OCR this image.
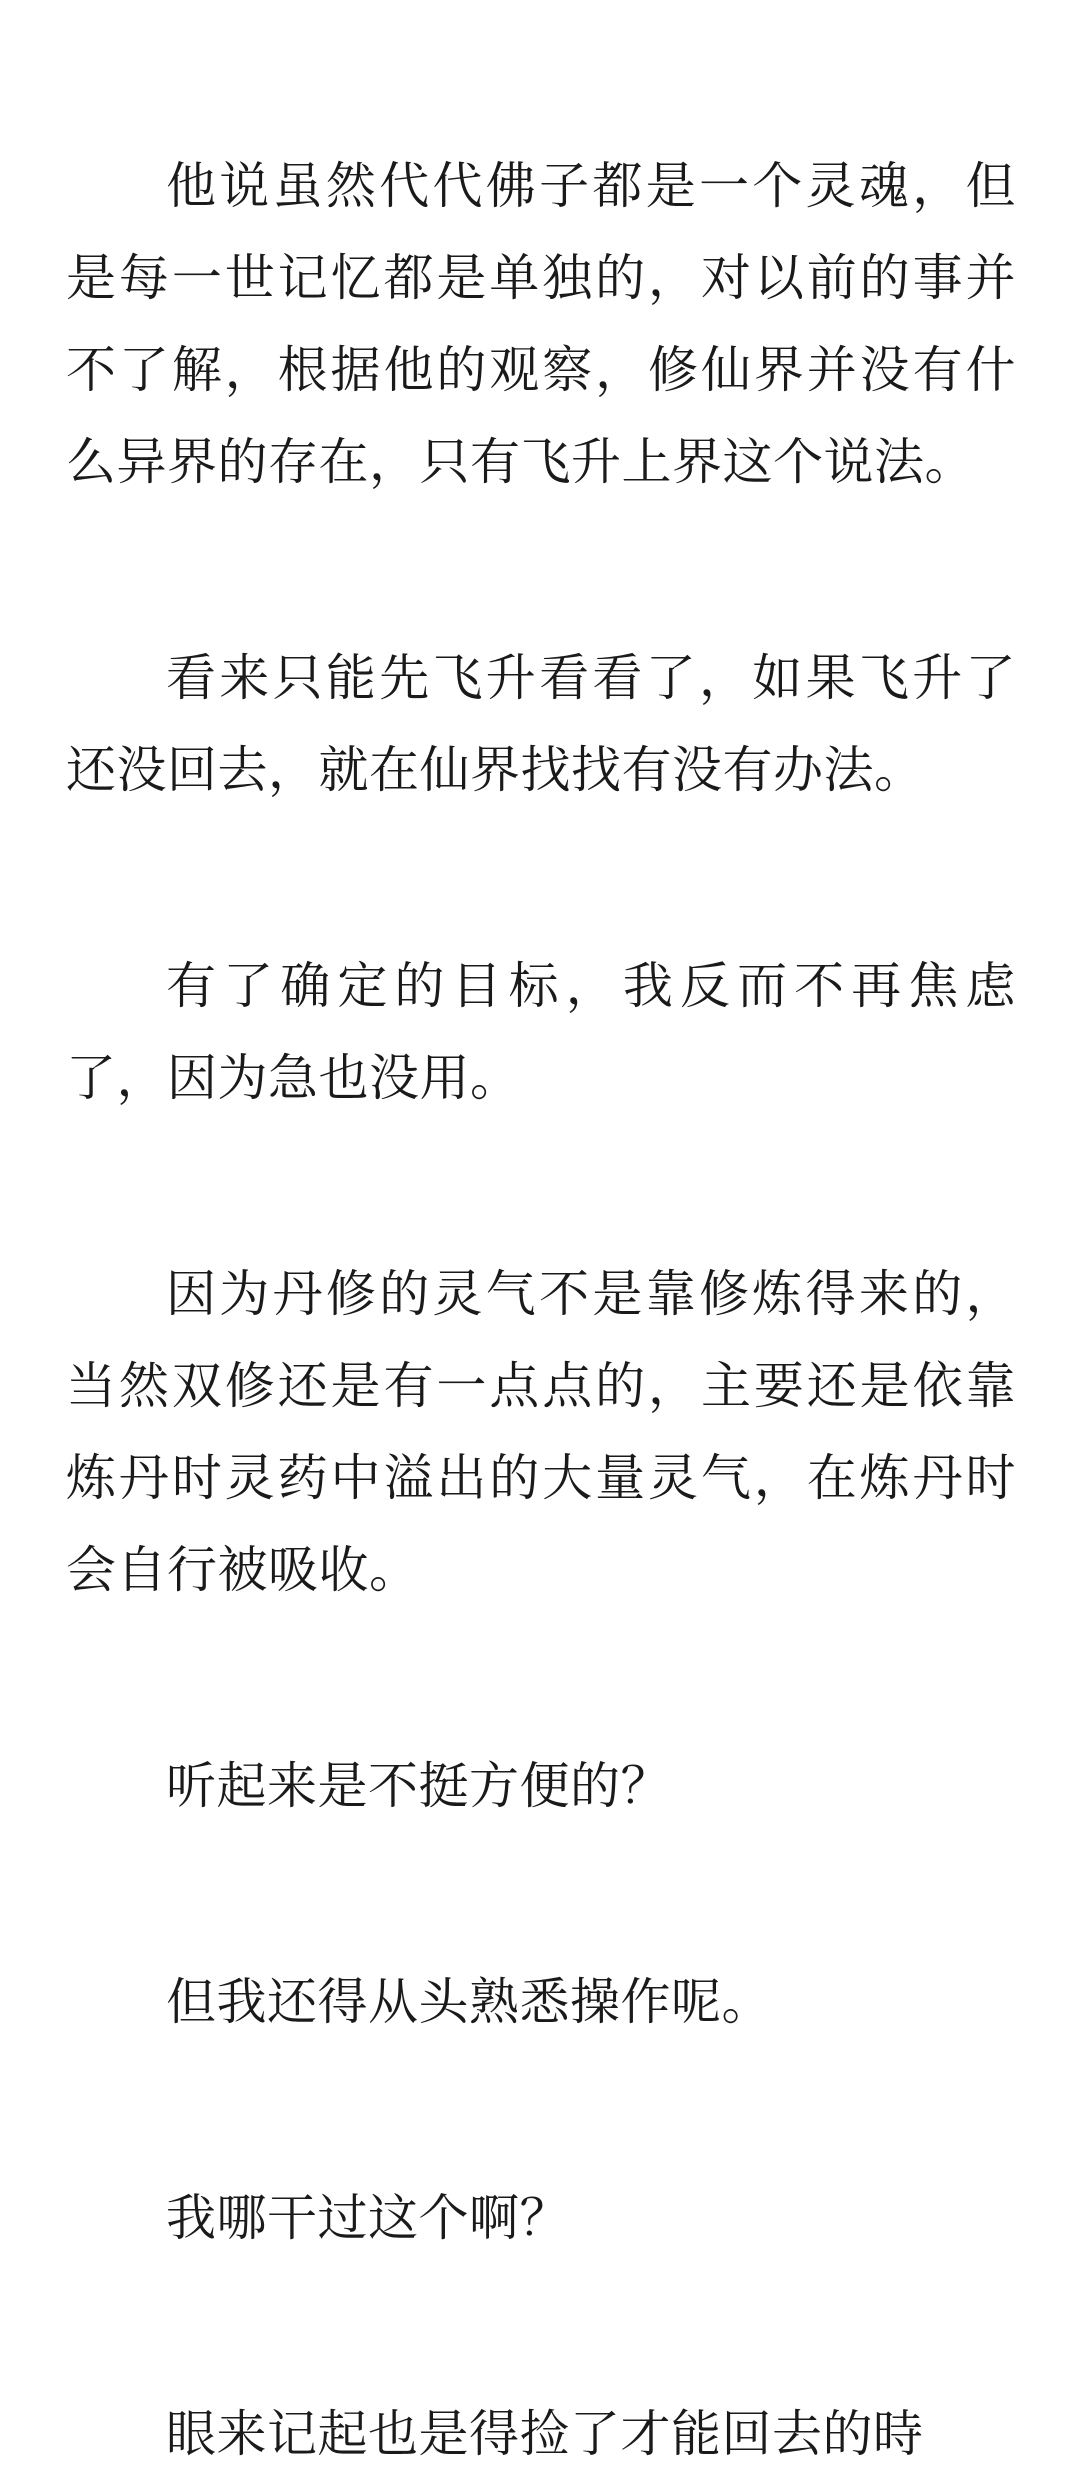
他说虽然代代佛子都是一个灵魂，但是每一世记忆都是单独的，对以前的事并不了解，根据他的观察，修仙界并没有什么异界的存在，只有飞升上界这个说法。

看来只能先飞升看看了，如果飞升了还没回去，就在仙界找找有没有办法。

有了确定的目标，我反而不再焦虑了，因为急也没用。

因为丹修的灵气不是靠修炼得来的，当然双修还是有一点点的，主要还是依靠炼丹时灵药中溢出的大量灵气，在炼丹时会自行被吸收。

听起来是不挺方便的？

但我还得从头熟悉操作呢。

我哪干过这个啊？

眼来记起也是得捡了才能回去的時
